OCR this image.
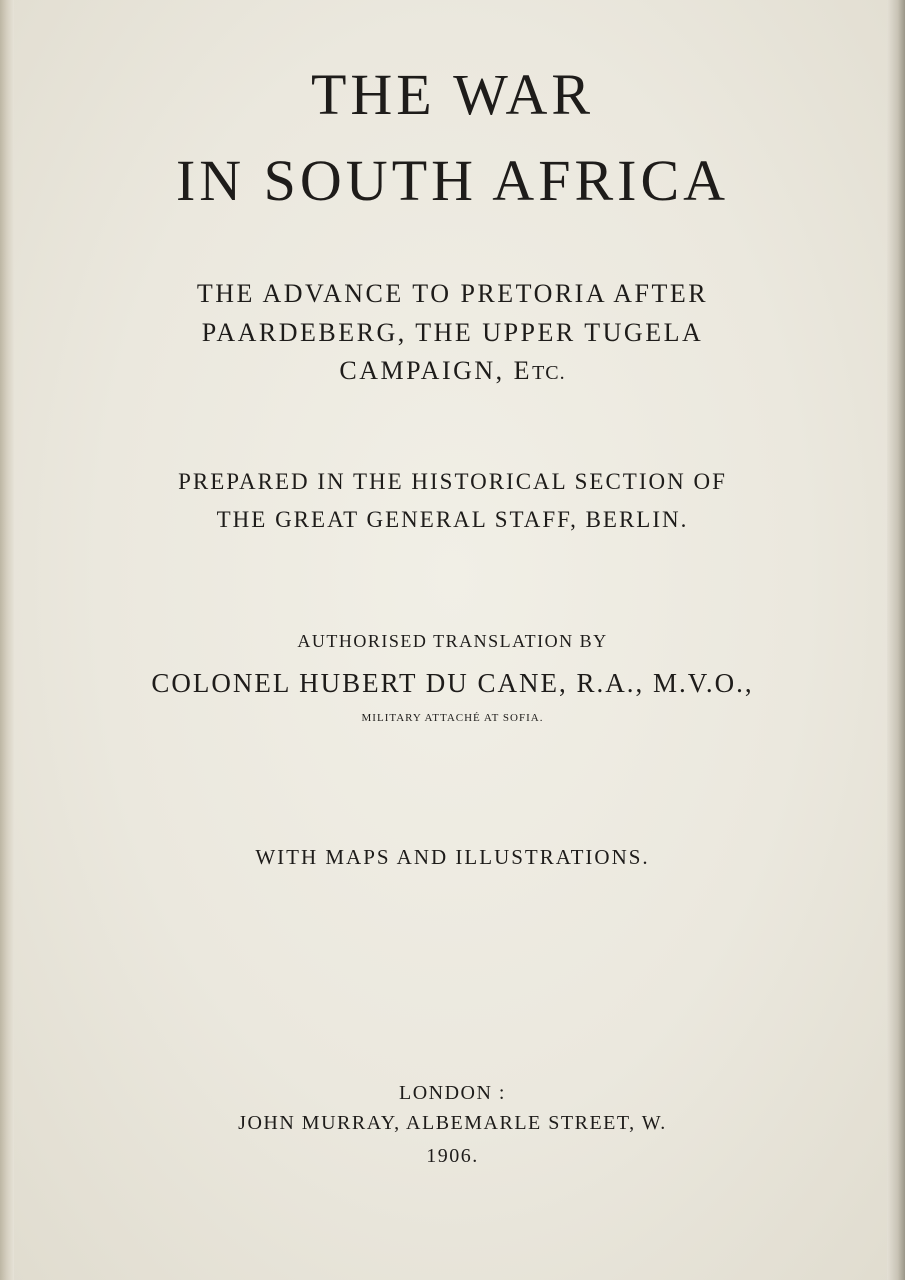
THE WAR
IN SOUTH AFRICA
THE ADVANCE TO PRETORIA AFTER
PAARDEBERG, THE UPPER TUGELA
CAMPAIGN, ETC.
PREPARED IN THE HISTORICAL SECTION OF
THE GREAT GENERAL STAFF, BERLIN.
AUTHORISED TRANSLATION BY
COLONEL HUBERT DU CANE, R.A., M.V.O.,
MILITARY ATTACHÉ AT SOFIA.
WITH MAPS AND ILLUSTRATIONS.
LONDON :
JOHN MURRAY, ALBEMARLE STREET, W.
1906.
